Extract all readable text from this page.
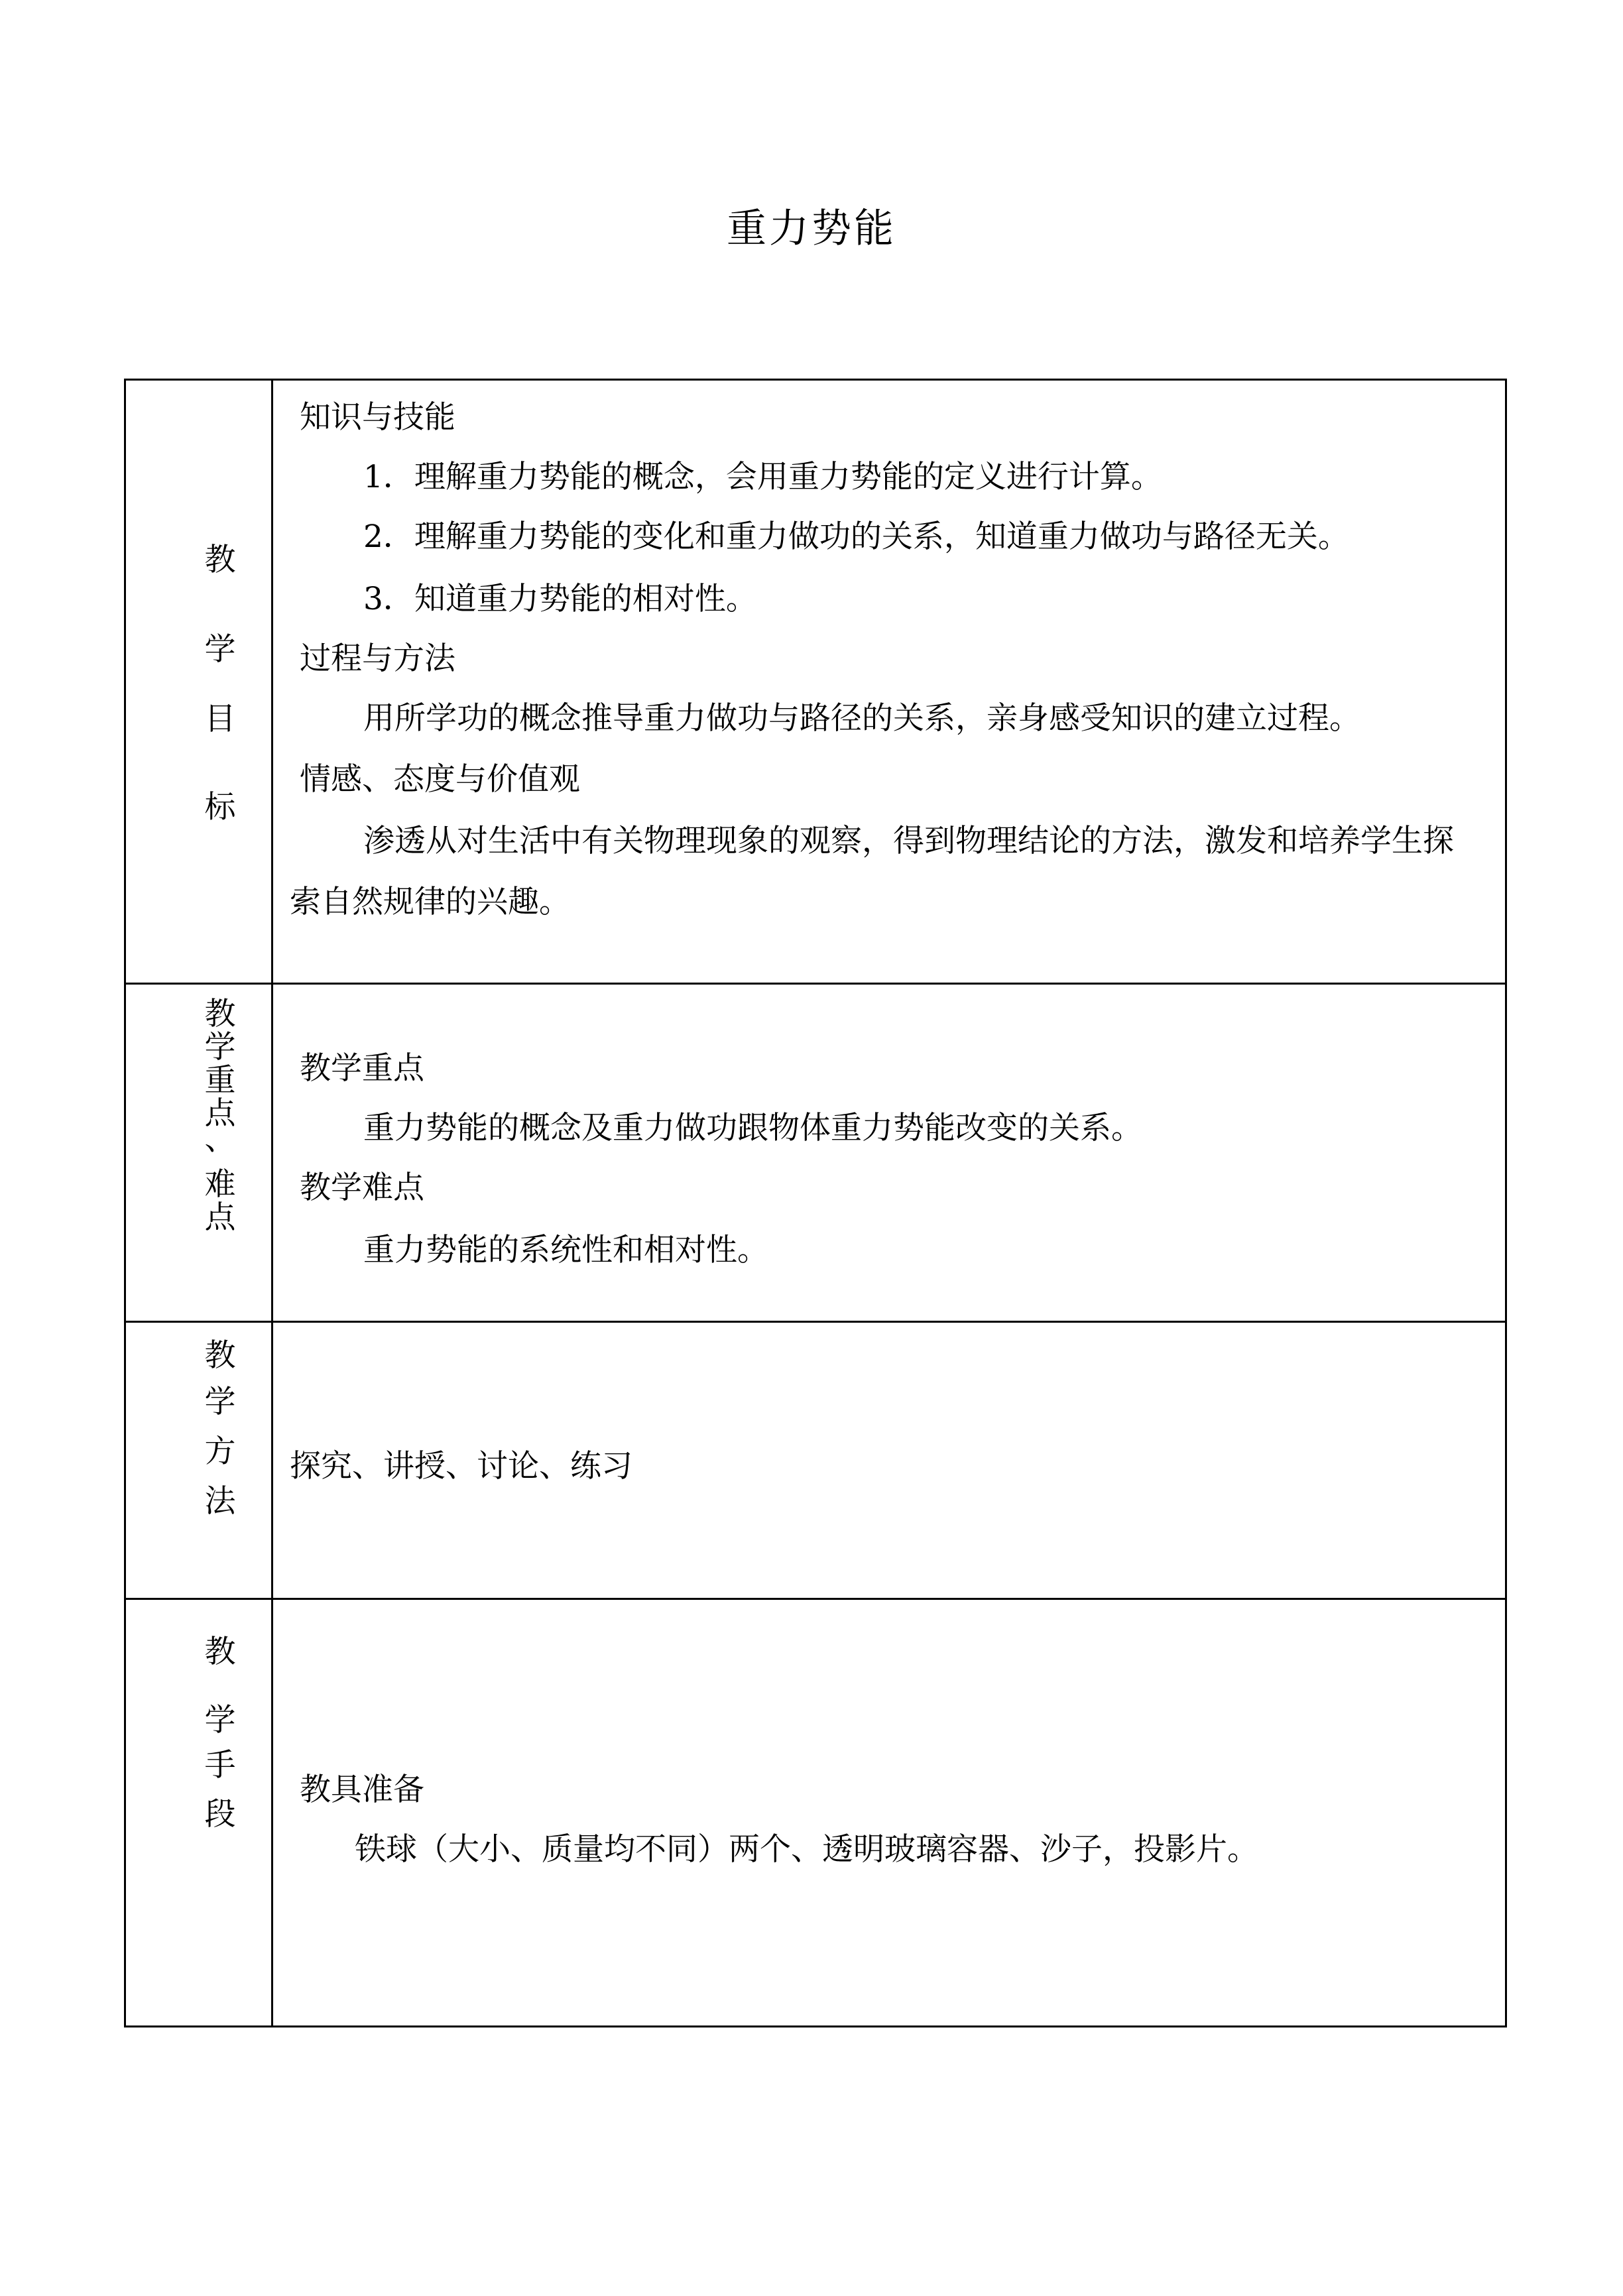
重力势能
教
学
目
标
知识与技能
1．理解重力势能的概念，会用重力势能的定义进行计算。
2．理解重力势能的变化和重力做功的关系，知道重力做功与路径无关。
3．知道重力势能的相对性。
过程与方法
用所学功的概念推导重力做功与路径的关系，亲身感受知识的建立过程。
情感、态度与价值观
渗透从对生活中有关物理现象的观察，得到物理结论的方法，激发和培养学生探索自然规律的兴趣。
教
学
重
点
、
难
点
教学重点
重力势能的概念及重力做功跟物体重力势能改变的关系。
教学难点
重力势能的系统性和相对性。
教
学
方
法
探究、讲授、讨论、练习
教
学
手
段
教具准备
铁球（大小、质量均不同）两个、透明玻璃容器、沙子，投影片。
